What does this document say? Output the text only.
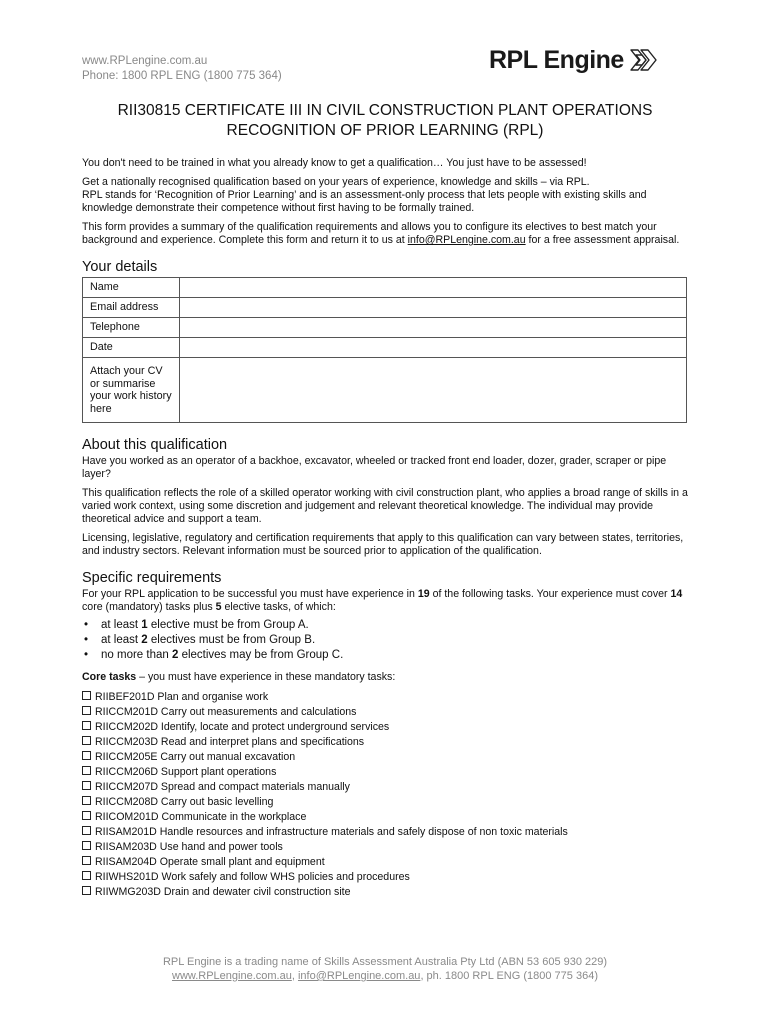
www.RPLengine.com.au
Phone: 1800 RPL ENG (1800 775 364)
RPL Engine
RII30815 CERTIFICATE III IN CIVIL CONSTRUCTION PLANT OPERATIONS
RECOGNITION OF PRIOR LEARNING (RPL)

You don't need to be trained in what you already know to get a qualification… You just have to be assessed!

Get a nationally recognised qualification based on your years of experience, knowledge and skills – via RPL.

RPL stands for ‘Recognition of Prior Learning’ and is an assessment-only process that lets people with existing skills and knowledge demonstrate their competence without first having to be formally trained.

This form provides a summary of the qualification requirements and allows you to configure its electives to best match your background and experience. Complete this form and return it to us at info@RPLengine.com.au for a free assessment appraisal.

Your details
Name	
Email address	
Telephone	
Date	
Attach your CV or summarise your work history here	
About this qualification

Have you worked as an operator of a backhoe, excavator, wheeled or tracked front end loader, dozer, grader, scraper or pipe layer?

This qualification reflects the role of a skilled operator working with civil construction plant, who applies a broad range of skills in a varied work context, using some discretion and judgement and relevant theoretical knowledge. The individual may provide theoretical advice and support a team.

Licensing, legislative, regulatory and certification requirements that apply to this qualification can vary between states, territories, and industry sectors. Relevant information must be sourced prior to application of the qualification.

Specific requirements

For your RPL application to be successful you must have experience in 19 of the following tasks. Your experience must cover 14 core (mandatory) tasks plus 5 elective tasks, of which:

• at least 1 elective must be from Group A.
• at least 2 electives must be from Group B.
• no more than 2 electives may be from Group C.

Core tasks – you must have experience in these mandatory tasks:

RIIBEF201D Plan and organise work
RIICCM201D Carry out measurements and calculations
RIICCM202D Identify, locate and protect underground services
RIICCM203D Read and interpret plans and specifications
RIICCM205E Carry out manual excavation
RIICCM206D Support plant operations
RIICCM207D Spread and compact materials manually
RIICCM208D Carry out basic levelling
RIICOM201D Communicate in the workplace
RIISAM201D Handle resources and infrastructure materials and safely dispose of non toxic materials
RIISAM203D Use hand and power tools
RIISAM204D Operate small plant and equipment
RIIWHS201D Work safely and follow WHS policies and procedures
RIIWMG203D Drain and dewater civil construction site
RPL Engine is a trading name of Skills Assessment Australia Pty Ltd (ABN 53 605 930 229)
www.RPLengine.com.au, info@RPLengine.com.au, ph. 1800 RPL ENG (1800 775 364)
